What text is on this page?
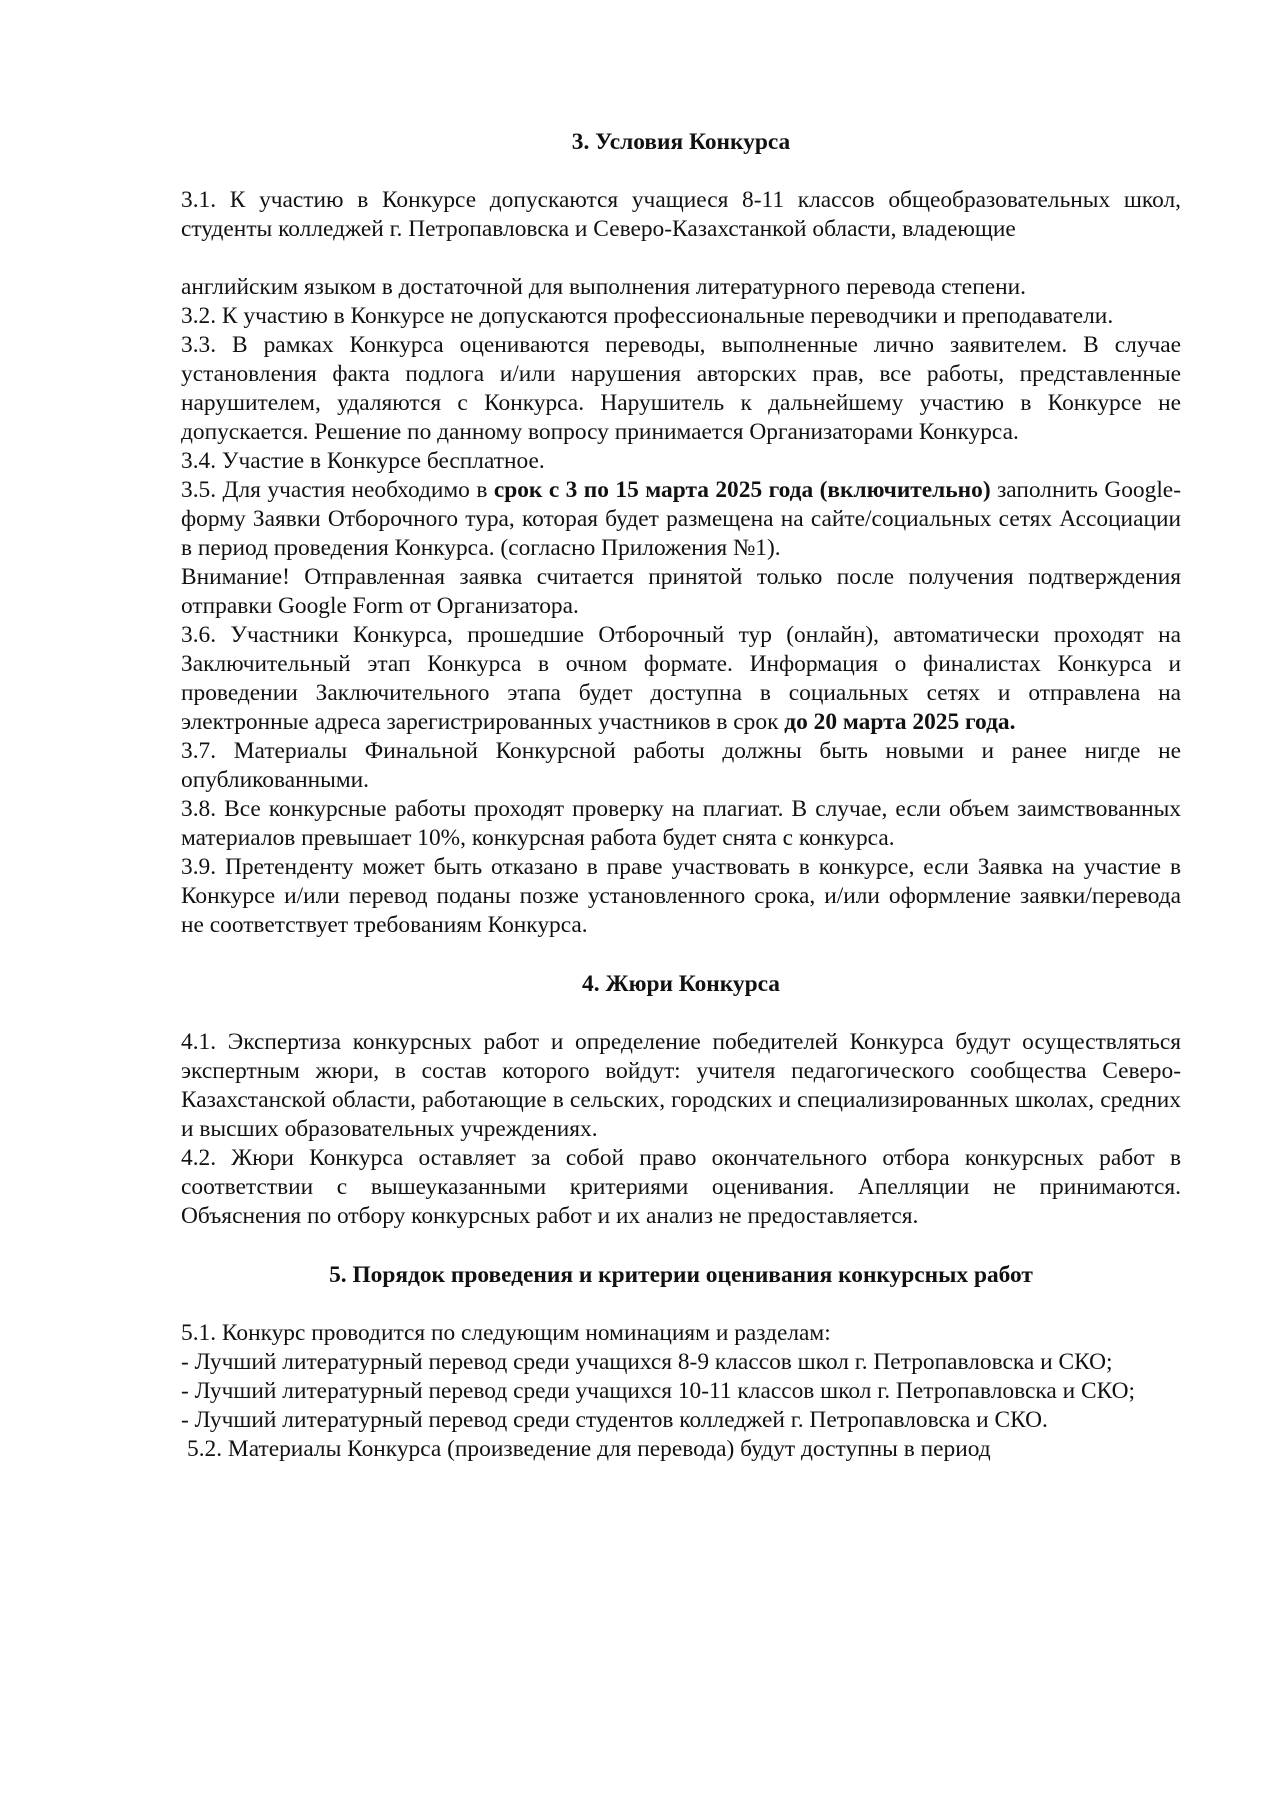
3. Условия Конкурса

3.1. К участию в Конкурсе допускаются учащиеся 8-11 классов общеобразовательных школ, студенты колледжей г. Петропавловска и Северо-Казахстанкой области, владеющие

английским языком в достаточной для выполнения литературного перевода степени.

3.2. К участию в Конкурсе не допускаются профессиональные переводчики и преподаватели.

3.3. В рамках Конкурса оцениваются переводы, выполненные лично заявителем. В случае установления факта подлога и/или нарушения авторских прав, все работы, представленные нарушителем, удаляются с Конкурса. Нарушитель к дальнейшему участию в Конкурсе не допускается. Решение по данному вопросу принимается Организаторами Конкурса.

3.4. Участие в Конкурсе бесплатное.

3.5. Для участия необходимо в срок с 3 по 15 марта 2025 года (включительно) заполнить Google-форму Заявки Отборочного тура, которая будет размещена на сайте/социальных сетях Ассоциации в период проведения Конкурса. (согласно Приложения №1).

Внимание! Отправленная заявка считается принятой только после получения подтверждения отправки Google Form от Организатора.

3.6. Участники Конкурса, прошедшие Отборочный тур (онлайн), автоматически проходят на Заключительный этап Конкурса в очном формате. Информация о финалистах Конкурса и проведении Заключительного этапа будет доступна в социальных сетях и отправлена на электронные адреса зарегистрированных участников в срок до 20 марта 2025 года.

3.7. Материалы Финальной Конкурсной работы должны быть новыми и ранее нигде не опубликованными.

3.8. Все конкурсные работы проходят проверку на плагиат. В случае, если объем заимствованных материалов превышает 10%, конкурсная работа будет снята с конкурса.

3.9. Претенденту может быть отказано в праве участвовать в конкурсе, если Заявка на участие в Конкурсе и/или перевод поданы позже установленного срока, и/или оформление заявки/перевода не соответствует требованиям Конкурса.

4. Жюри Конкурса

4.1. Экспертиза конкурсных работ и определение победителей Конкурса будут осуществляться экспертным жюри, в состав которого войдут: учителя педагогического сообщества Северо-Казахстанской области, работающие в сельских, городских и специализированных школах, средних и высших образовательных учреждениях.

4.2. Жюри Конкурса оставляет за собой право окончательного отбора конкурсных работ в соответствии с вышеуказанными критериями оценивания. Апелляции не принимаются. Объяснения по отбору конкурсных работ и их анализ не предоставляется.

5. Порядок проведения и критерии оценивания конкурсных работ

5.1. Конкурс проводится по следующим номинациям и разделам:

- Лучший литературный перевод среди учащихся 8-9 классов школ г. Петропавловска и СКО;

- Лучший литературный перевод среди учащихся 10-11 классов школ г. Петропавловска и СКО;

- Лучший литературный перевод среди студентов колледжей г. Петропавловска и СКО.

5.2. Материалы Конкурса (произведение для перевода) будут доступны в период
